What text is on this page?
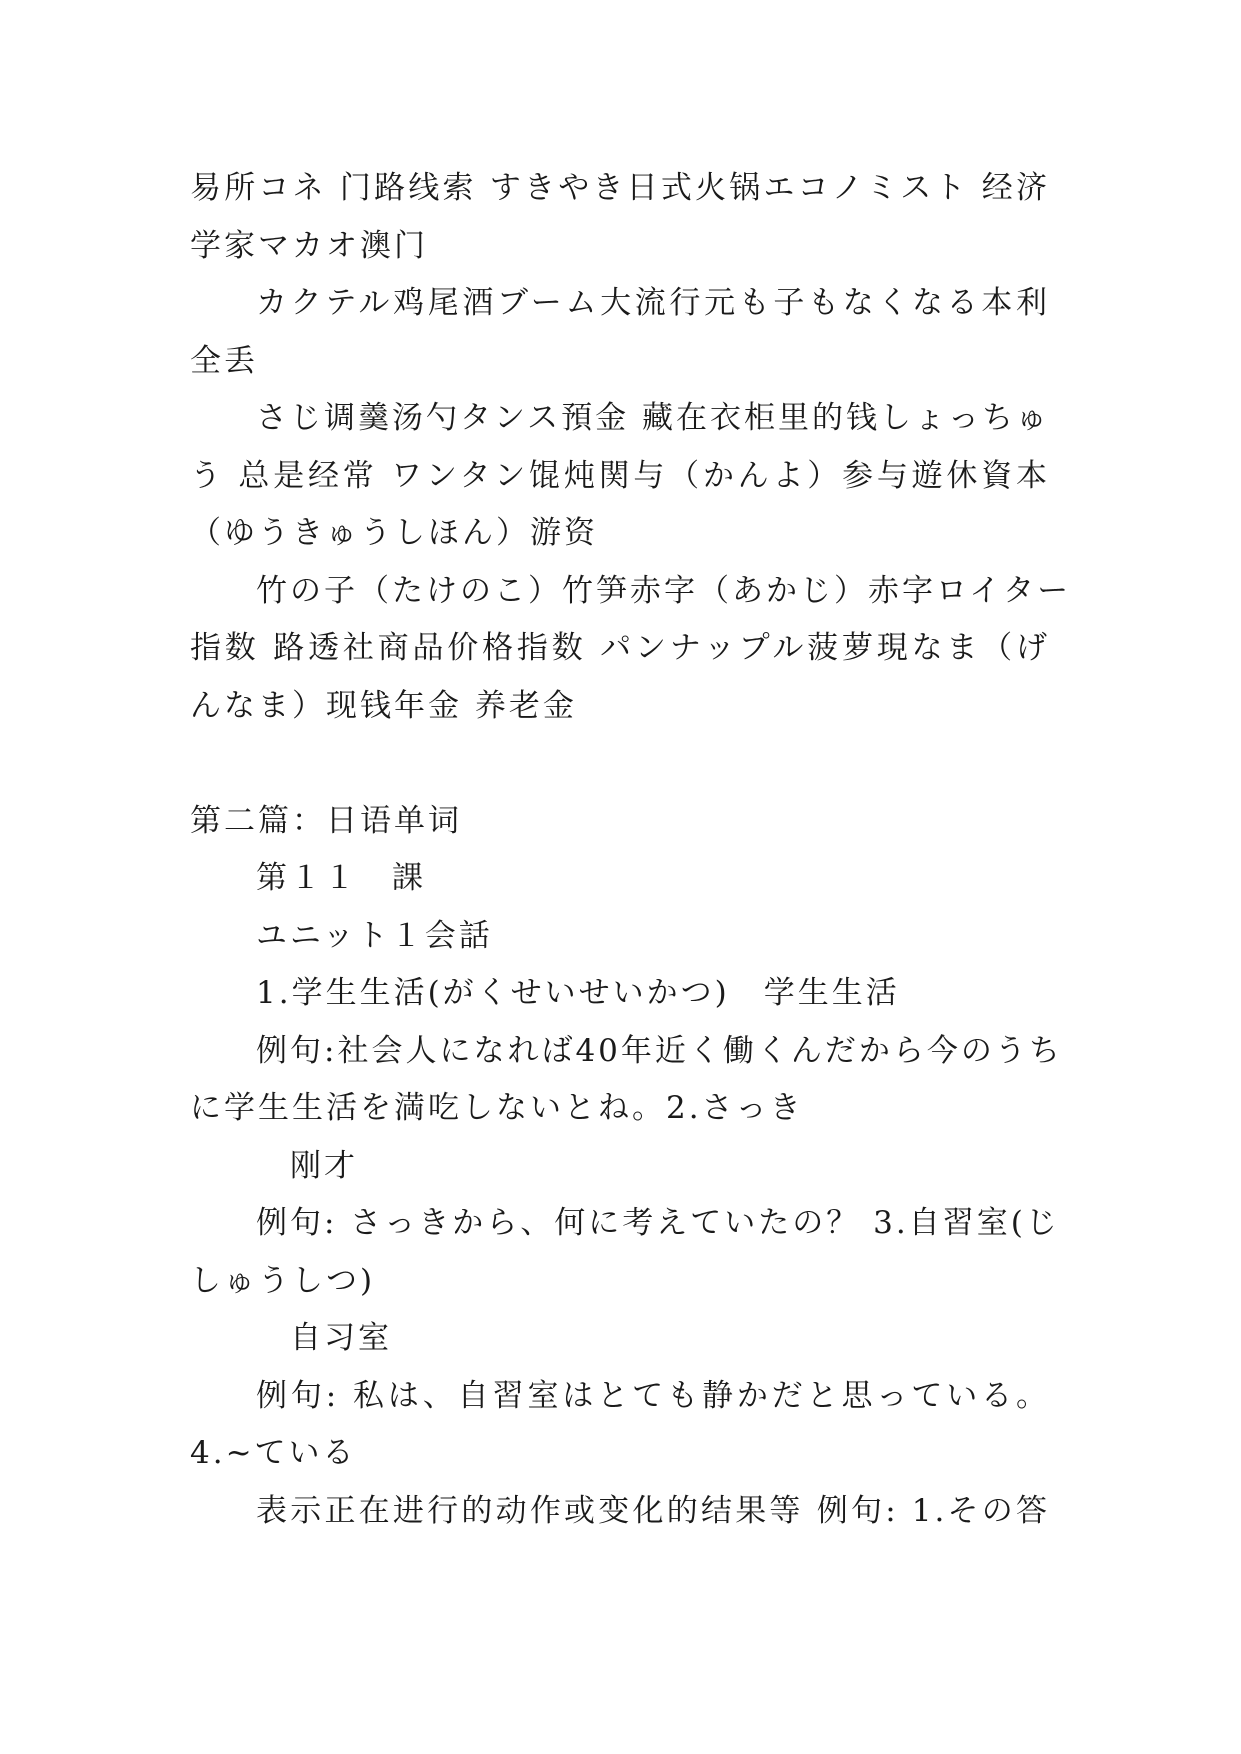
易所コネ 门路线索 すきやき日式火锅エコノミスト 经济

学家マカオ澳门

カクテル鸡尾酒ブーム大流行元も子もなくなる本利

全丢

さじ调羹汤勺タンス預金 藏在衣柜里的钱しょっちゅ

う 总是经常 ワンタン馄炖関与（かんよ）参与遊休資本

（ゆうきゅうしほん）游资

竹の子（たけのこ）竹笋赤字（あかじ）赤字ロイター

指数 路透社商品价格指数 パンナップル菠萝現なま（げ

んなま）现钱年金 养老金

第二篇：日语单词

第１１　課

ユニット１会話

1.学生生活(がくせいせいかつ)　学生生活

例句:社会人になれば40年近く働くんだから今のうち

に学生生活を満吃しないとね。2.さっき

刚才

例句: さっきから、何に考えていたの？ 3.自習室(じ

しゅうしつ)

自习室

例句: 私は、自習室はとても静かだと思っている。

4.~ている

表示正在进行的动作或变化的结果等 例句: 1.その答
